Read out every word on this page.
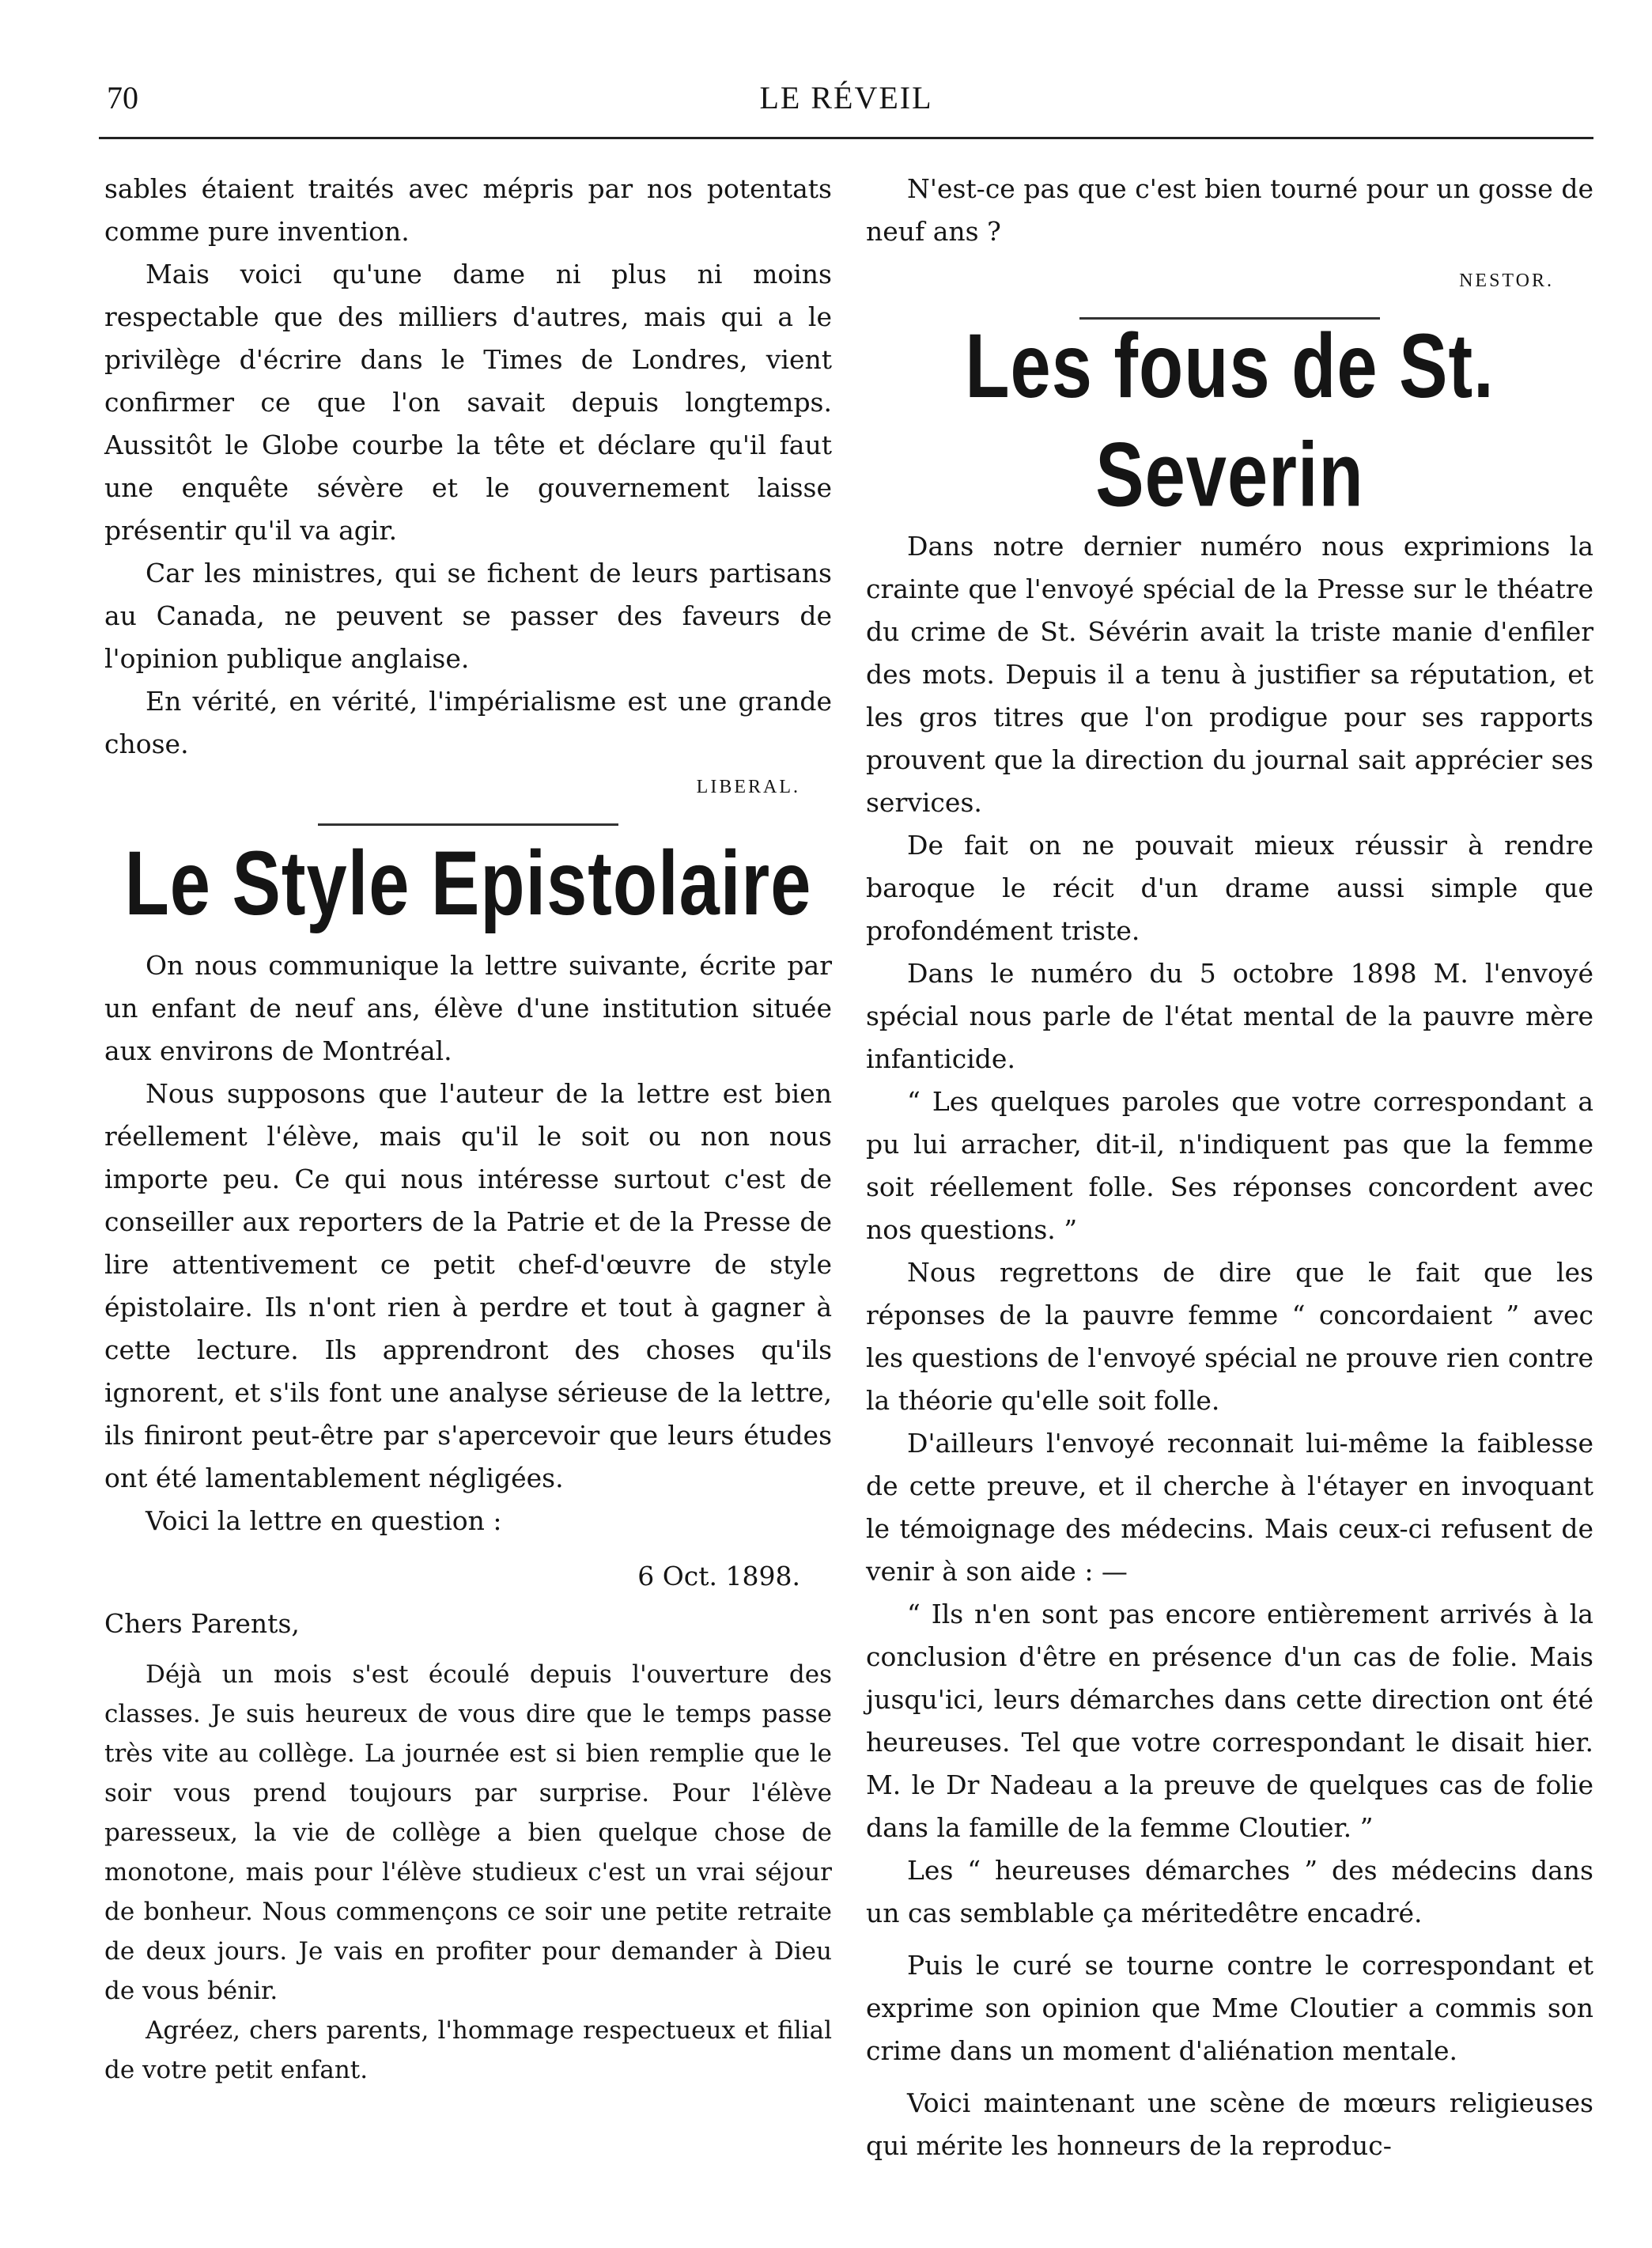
70	LE RÉVEIL

sables étaient traités avec mépris par nos potentats comme pure invention.

Mais voici qu'une dame ni plus ni moins respectable que des milliers d'autres, mais qui a le privilège d'écrire dans le Times de Londres, vient confirmer ce que l'on savait depuis longtemps. Aussitôt le Globe courbe la tête et déclare qu'il faut une enquête sévère et le gouvernement laisse présentir qu'il va agir.

Car les ministres, qui se fichent de leurs partisans au Canada, ne peuvent se passer des faveurs de l'opinion publique anglaise.

En vérité, en vérité, l'impérialisme est une grande chose.

LIBERAL.
Le Style Epistolaire

On nous communique la lettre suivante, écrite par un enfant de neuf ans, élève d'une institution située aux environs de Montréal.

Nous supposons que l'auteur de la lettre est bien réellement l'élève, mais qu'il le soit ou non nous importe peu. Ce qui nous intéresse surtout c'est de conseiller aux reporters de la Patrie et de la Presse de lire attentivement ce petit chef-d'œuvre de style épistolaire. Ils n'ont rien à perdre et tout à gagner à cette lecture. Ils apprendront des choses qu'ils ignorent, et s'ils font une analyse sérieuse de la lettre, ils finiront peut-être par s'apercevoir que leurs études ont été lamentablement négligées.

Voici la lettre en question :

6 Oct. 1898.
Chers Parents,

Déjà un mois s'est écoulé depuis l'ouverture des classes. Je suis heureux de vous dire que le temps passe très vite au collège. La journée est si bien remplie que le soir vous prend toujours par surprise. Pour l'élève paresseux, la vie de collège a bien quelque chose de monotone, mais pour l'élève studieux c'est un vrai séjour de bonheur. Nous commençons ce soir une petite retraite de deux jours. Je vais en profiter pour demander à Dieu de vous bénir.

Agréez, chers parents, l'hommage respectueux et filial de votre petit enfant.

N'est-ce pas que c'est bien tourné pour un gosse de neuf ans ?

NESTOR.
Les fous de St. Severin

Dans notre dernier numéro nous exprimions la crainte que l'envoyé spécial de la Presse sur le théatre du crime de St. Sévérin avait la triste manie d'enfiler des mots. Depuis il a tenu à justifier sa réputation, et les gros titres que l'on prodigue pour ses rapports prouvent que la direction du journal sait apprécier ses services.

De fait on ne pouvait mieux réussir à rendre baroque le récit d'un drame aussi simple que profondément triste.

Dans le numéro du 5 octobre 1898 M. l'envoyé spécial nous parle de l'état mental de la pauvre mère infanticide.

“ Les quelques paroles que votre correspondant a pu lui arracher, dit-il, n'indiquent pas que la femme soit réellement folle. Ses réponses concordent avec nos questions. ”

Nous regrettons de dire que le fait que les réponses de la pauvre femme “ concordaient ” avec les questions de l'envoyé spécial ne prouve rien contre la théorie qu'elle soit folle.

D'ailleurs l'envoyé reconnait lui-même la faiblesse de cette preuve, et il cherche à l'étayer en invoquant le témoignage des médecins. Mais ceux-ci refusent de venir à son aide : —

“ Ils n'en sont pas encore entièrement arrivés à la conclusion d'être en présence d'un cas de folie. Mais jusqu'ici, leurs démarches dans cette direction ont été heureuses. Tel que votre correspondant le disait hier. M. le Dr Nadeau a la preuve de quelques cas de folie dans la famille de la femme Cloutier. ”

Les “ heureuses démarches ” des médecins dans un cas semblable ça méritedêtre encadré.

Puis le curé se tourne contre le correspondant et exprime son opinion que Mme Cloutier a commis son crime dans un moment d'aliénation mentale.

Voici maintenant une scène de mœurs religieuses qui mérite les honneurs de la reproduc-
